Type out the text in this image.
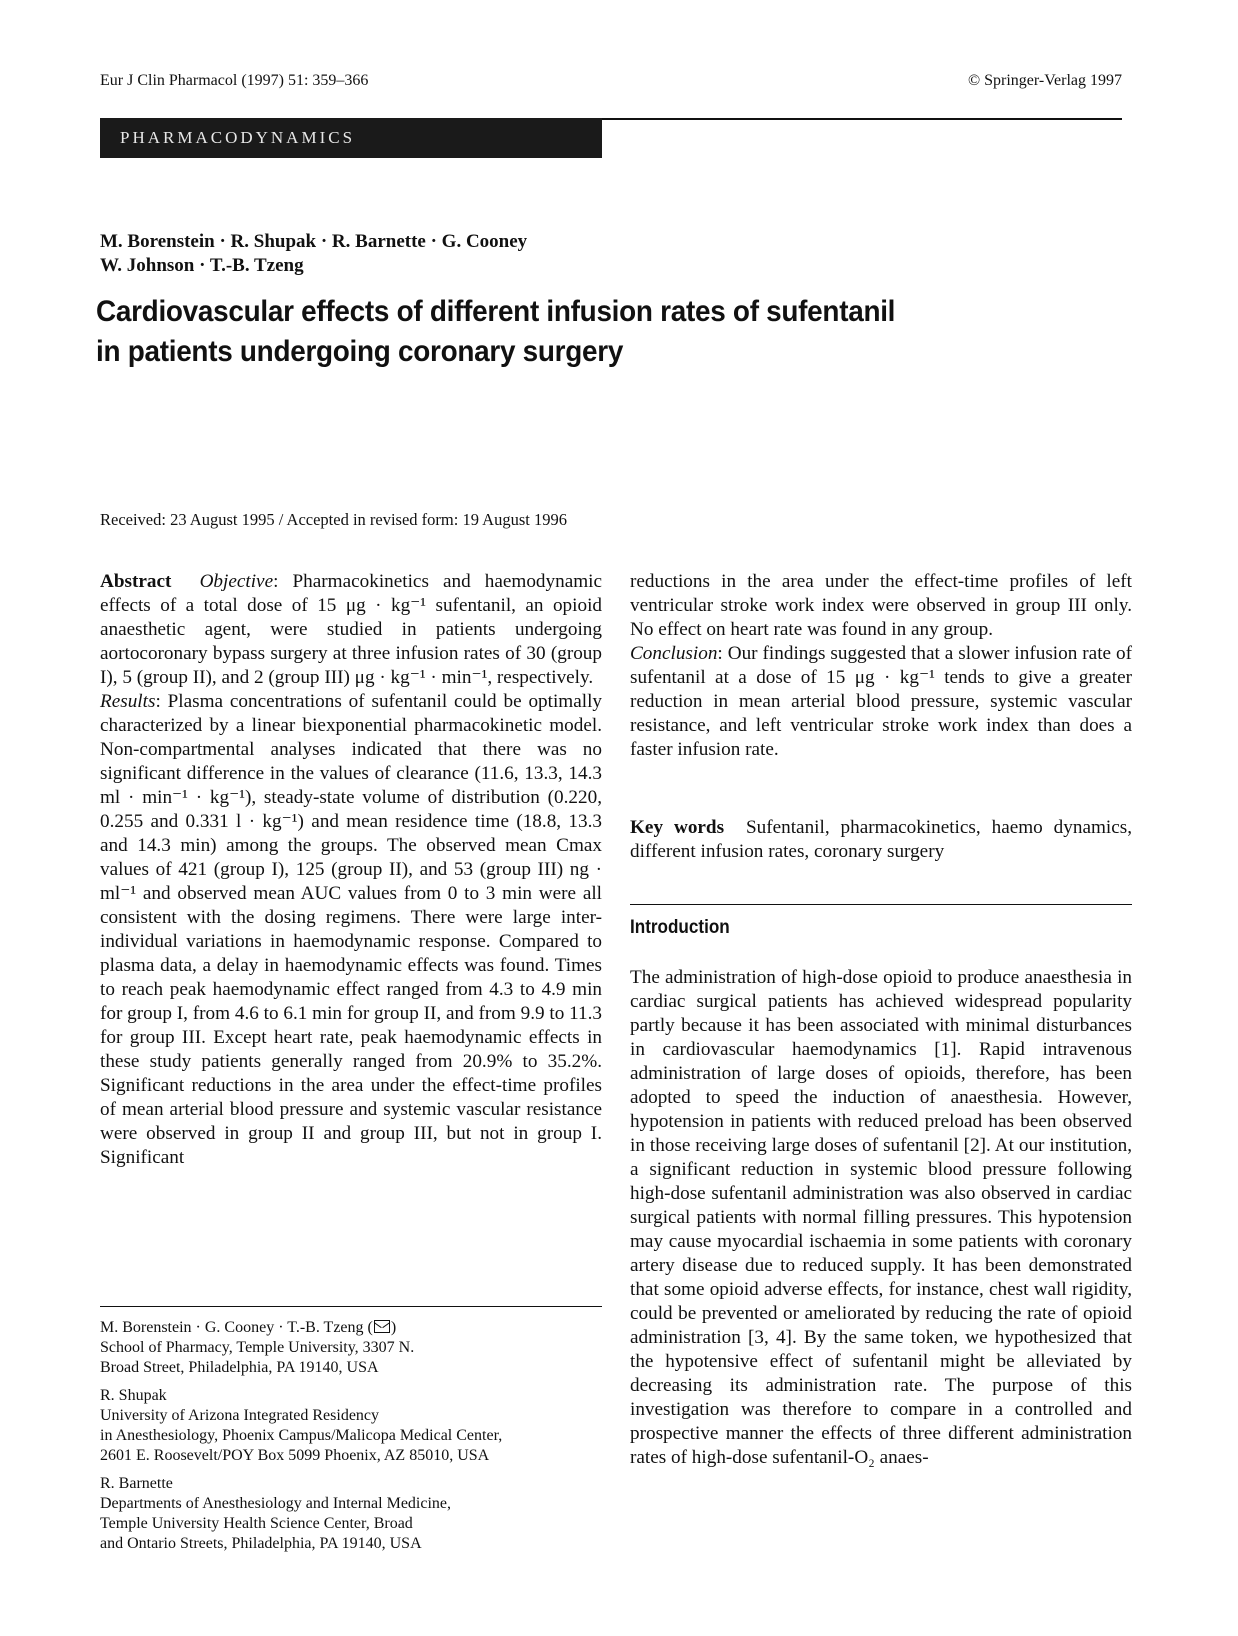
Eur J Clin Pharmacol (1997) 51: 359–366	© Springer-Verlag 1997
PHARMACODYNAMICS
M. Borenstein · R. Shupak · R. Barnette · G. Cooney
W. Johnson · T.-B. Tzeng
Cardiovascular effects of different infusion rates of sufentanil
in patients undergoing coronary surgery
Received: 23 August 1995 / Accepted in revised form: 19 August 1996

Abstract Objective: Pharmacokinetics and haemodynamic effects of a total dose of 15 μg · kg⁻¹ sufentanil, an opioid anaesthetic agent, were studied in patients undergoing aortocoronary bypass surgery at three infusion rates of 30 (group I), 5 (group II), and 2 (group III) μg · kg⁻¹ · min⁻¹, respectively.

Results: Plasma concentrations of sufentanil could be optimally characterized by a linear biexponential pharmacokinetic model. Non-compartmental analyses indicated that there was no significant difference in the values of clearance (11.6, 13.3, 14.3 ml · min⁻¹ · kg⁻¹), steady-state volume of distribution (0.220, 0.255 and 0.331 l · kg⁻¹) and mean residence time (18.8, 13.3 and 14.3 min) among the groups. The observed mean Cmax values of 421 (group I), 125 (group II), and 53 (group III) ng · ml⁻¹ and observed mean AUC values from 0 to 3 min were all consistent with the dosing regimens. There were large inter-individual variations in haemodynamic response. Compared to plasma data, a delay in haemodynamic effects was found. Times to reach peak haemodynamic effect ranged from 4.3 to 4.9 min for group I, from 4.6 to 6.1 min for group II, and from 9.9 to 11.3 for group III. Except heart rate, peak haemodynamic effects in these study patients generally ranged from 20.9% to 35.2%. Significant reductions in the area under the effect-time profiles of mean arterial blood pressure and systemic vascular resistance were observed in group II and group III, but not in group I. Significant

M. Borenstein · G. Cooney · T.-B. Tzeng ( )
School of Pharmacy, Temple University, 3307 N.
Broad Street, Philadelphia, PA 19140, USA
R. Shupak
University of Arizona Integrated Residency
in Anesthesiology, Phoenix Campus/Malicopa Medical Center,
2601 E. Roosevelt/POY Box 5099 Phoenix, AZ 85010, USA
R. Barnette
Departments of Anesthesiology and Internal Medicine,
Temple University Health Science Center, Broad
and Ontario Streets, Philadelphia, PA 19140, USA

reductions in the area under the effect-time profiles of left ventricular stroke work index were observed in group III only. No effect on heart rate was found in any group.

Conclusion: Our findings suggested that a slower infusion rate of sufentanil at a dose of 15 μg · kg⁻¹ tends to give a greater reduction in mean arterial blood pressure, systemic vascular resistance, and left ventricular stroke work index than does a faster infusion rate.

Key words Sufentanil, pharmacokinetics, haemo dynamics, different infusion rates, coronary surgery
Introduction
The administration of high-dose opioid to produce anaesthesia in cardiac surgical patients has achieved widespread popularity partly because it has been associated with minimal disturbances in cardiovascular haemodynamics [1]. Rapid intravenous administration of large doses of opioids, therefore, has been adopted to speed the induction of anaesthesia. However, hypotension in patients with reduced preload has been observed in those receiving large doses of sufentanil [2]. At our institution, a significant reduction in systemic blood pressure following high-dose sufentanil administration was also observed in cardiac surgical patients with normal filling pressures. This hypotension may cause myocardial ischaemia in some patients with coronary artery disease due to reduced supply. It has been demonstrated that some opioid adverse effects, for instance, chest wall rigidity, could be prevented or ameliorated by reducing the rate of opioid administration [3, 4]. By the same token, we hypothesized that the hypotensive effect of sufentanil might be alleviated by decreasing its administration rate. The purpose of this investigation was therefore to compare in a controlled and prospective manner the effects of three different administration rates of high-dose sufentanil-O₂ anaes-
